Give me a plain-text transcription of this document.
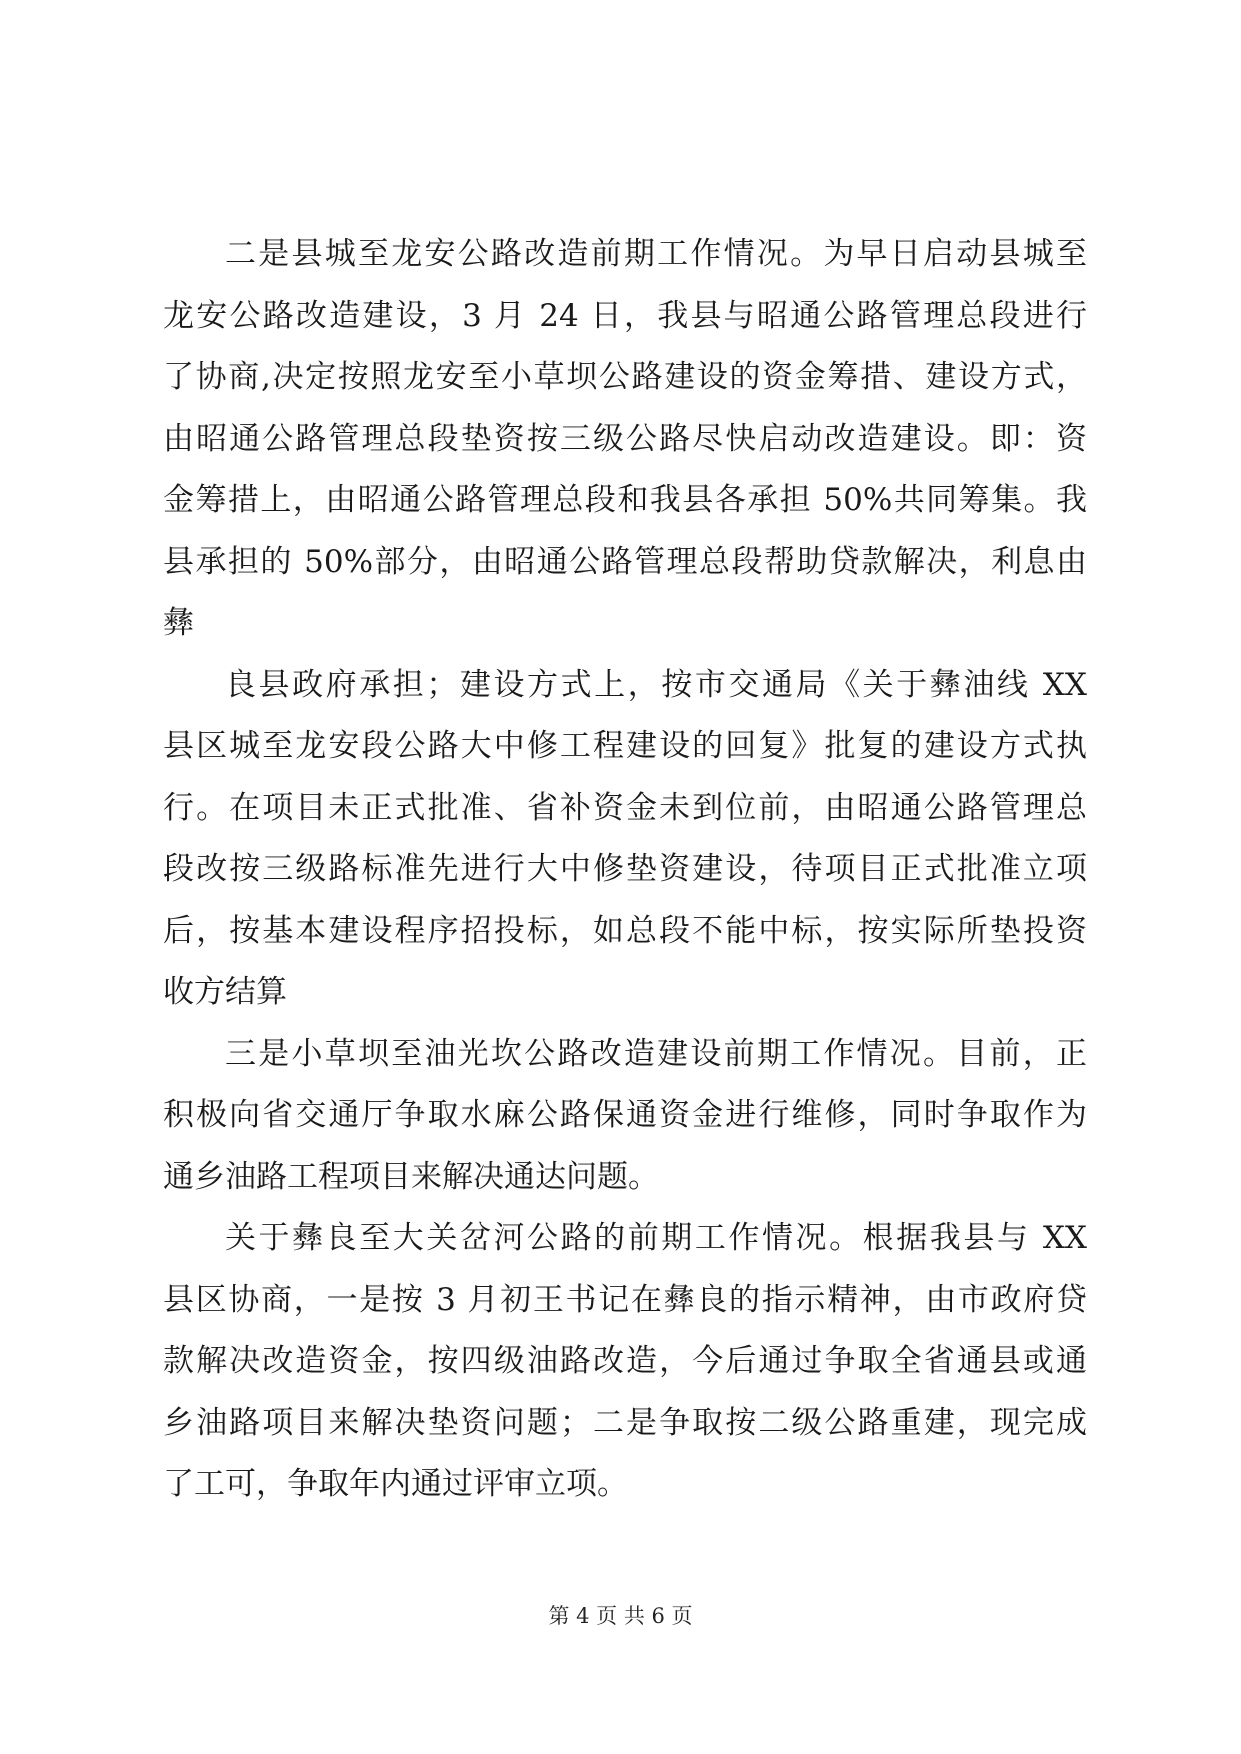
二是县城至龙安公路改造前期工作情况。为早日启动县城至
龙安公路改造建设，3 月 24 日，我县与昭通公路管理总段进行
了协商,决定按照龙安至小草坝公路建设的资金筹措、建设方式，
由昭通公路管理总段垫资按三级公路尽快启动改造建设。即：资
金筹措上，由昭通公路管理总段和我县各承担 50%共同筹集。我
县承担的 50%部分，由昭通公路管理总段帮助贷款解决，利息由
彝
良县政府承担；建设方式上，按市交通局《关于彝油线 XX
县区城至龙安段公路大中修工程建设的回复》批复的建设方式执
行。在项目未正式批准、省补资金未到位前，由昭通公路管理总
段改按三级路标准先进行大中修垫资建设，待项目正式批准立项
后，按基本建设程序招投标，如总段不能中标，按实际所垫投资
收方结算
三是小草坝至油光坎公路改造建设前期工作情况。目前，正
积极向省交通厅争取水麻公路保通资金进行维修，同时争取作为
通乡油路工程项目来解决通达问题。
关于彝良至大关岔河公路的前期工作情况。根据我县与 XX
县区协商，一是按 3 月初王书记在彝良的指示精神，由市政府贷
款解决改造资金，按四级油路改造，今后通过争取全省通县或通
乡油路项目来解决垫资问题；二是争取按二级公路重建，现完成
了工可，争取年内通过评审立项。
第 4 页 共 6 页
